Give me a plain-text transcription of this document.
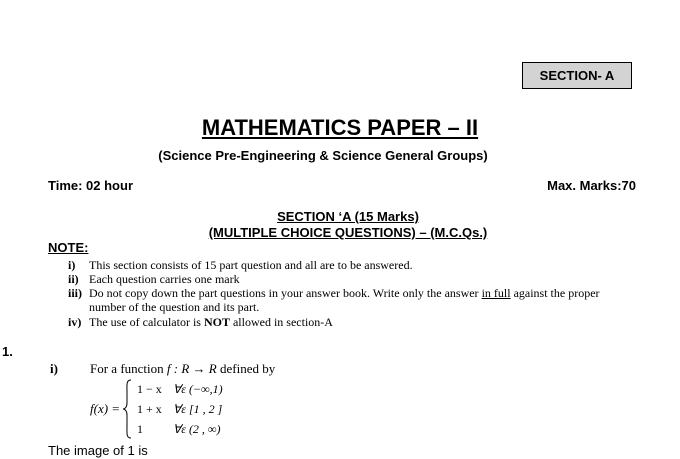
SECTION- A
MATHEMATICS PAPER – II
(Science Pre-Engineering & Science General Groups)
Time: 02 hour	Max. Marks:70
SECTION ‘A (15 Marks)
(MULTIPLE CHOICE QUESTIONS) – (M.C.Qs.)
NOTE:
i) This section consists of 15 part question and all are to be answered.
ii) Each question carries one mark
iii) Do not copy down the part questions in your answer book. Write only the answer in full against the proper number of the question and its part.
iv) The use of calculator is NOT allowed in section-A
1.
i) For a function f : R → R defined by
f(x) =
1 − x ∀ε (−∞,1)
1 + x ∀ε [1 , 2 ]
1	∀ε (2 , ∞)
The image of 1 is
